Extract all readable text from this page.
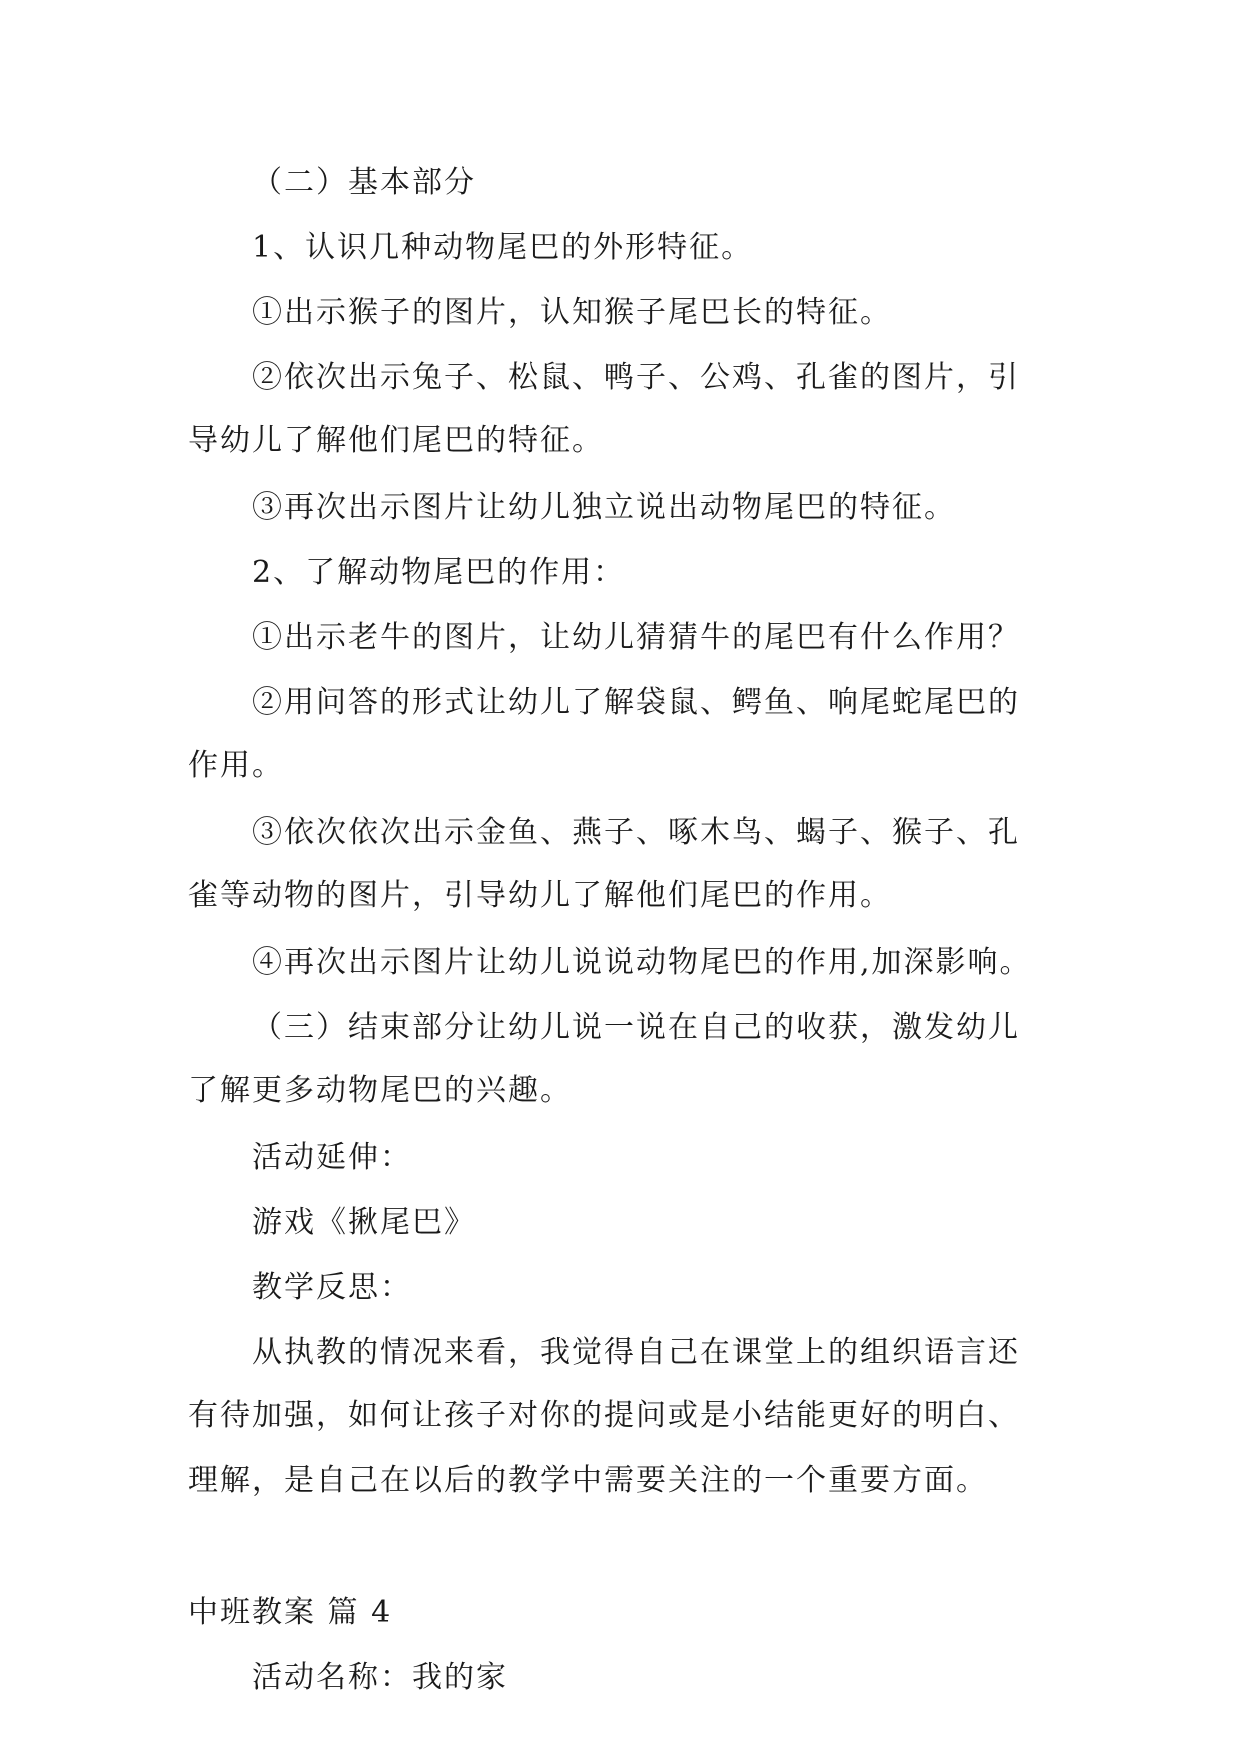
（二）基本部分
1、认识几种动物尾巴的外形特征。
①出示猴子的图片，认知猴子尾巴长的特征。
②依次出示兔子、松鼠、鸭子、公鸡、孔雀的图片，引
导幼儿了解他们尾巴的特征。
③再次出示图片让幼儿独立说出动物尾巴的特征。
2、了解动物尾巴的作用：
①出示老牛的图片，让幼儿猜猜牛的尾巴有什么作用？
②用问答的形式让幼儿了解袋鼠、鳄鱼、响尾蛇尾巴的
作用。
③依次依次出示金鱼、燕子、啄木鸟、蝎子、猴子、孔
雀等动物的图片，引导幼儿了解他们尾巴的作用。
④再次出示图片让幼儿说说动物尾巴的作用,加深影响。
（三）结束部分让幼儿说一说在自己的收获，激发幼儿
了解更多动物尾巴的兴趣。
活动延伸：
游戏《揪尾巴》
教学反思：
从执教的情况来看，我觉得自己在课堂上的组织语言还
有待加强，如何让孩子对你的提问或是小结能更好的明白、
理解，是自己在以后的教学中需要关注的一个重要方面。
中班教案 篇 4
活动名称：我的家
